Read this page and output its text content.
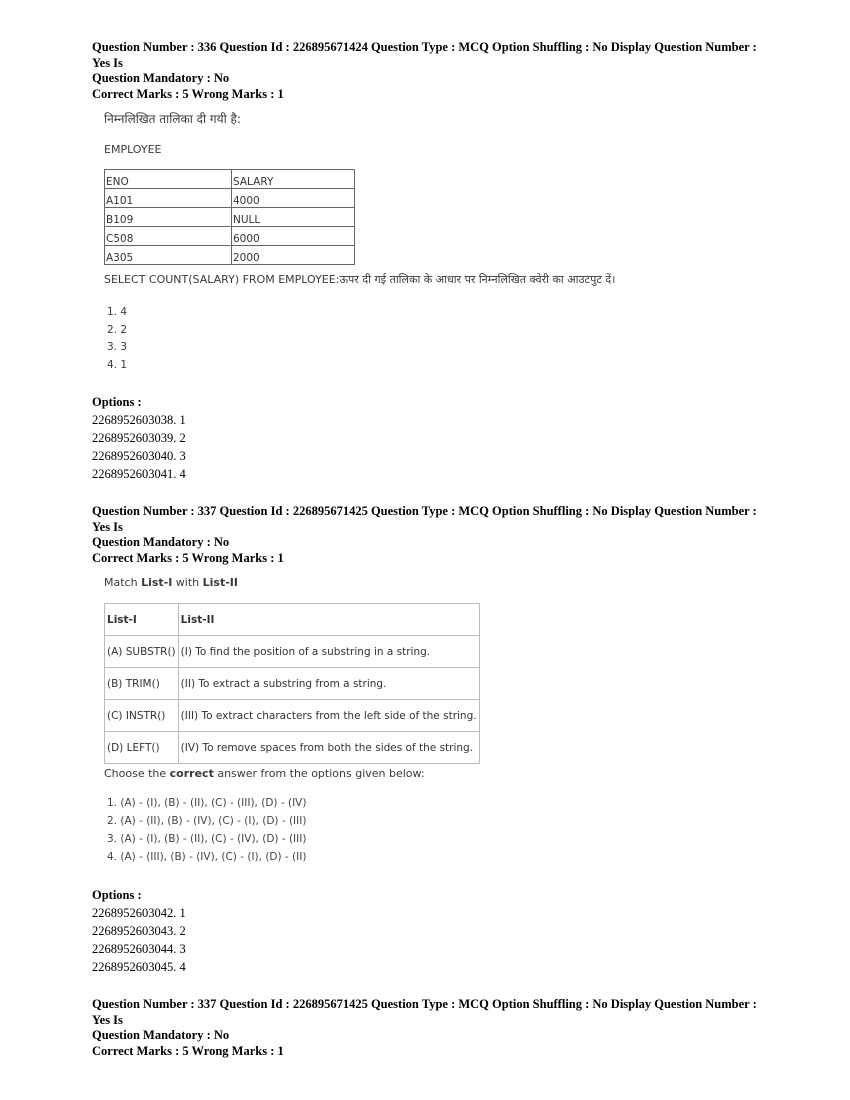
Question Number : 336 Question Id : 226895671424 Question Type : MCQ Option Shuffling : No Display Question Number : Yes Is
Question Mandatory : No
Correct Marks : 5 Wrong Marks : 1
निम्नलिखित तालिका दी गयी है:
EMPLOYEE
ENO	SALARY
A101	4000
B109	NULL
C508	6000
A305	2000
SELECT COUNT(SALARY) FROM EMPLOYEE:ऊपर दी गई तालिका के आधार पर निम्नलिखित क्वेरी का आउटपुट दें।
1. 4
2. 2
3. 3
4. 1
Options :
2268952603038. 1
2268952603039. 2
2268952603040. 3
2268952603041. 4
Question Number : 337 Question Id : 226895671425 Question Type : MCQ Option Shuffling : No Display Question Number : Yes Is
Question Mandatory : No
Correct Marks : 5 Wrong Marks : 1
Match List-I with List-II
List-I	List-II
(A) SUBSTR()	(I) To find the position of a substring in a string.
(B) TRIM()	(II) To extract a substring from a string.
(C) INSTR()	(III) To extract characters from the left side of the string.
(D) LEFT()	(IV) To remove spaces from both the sides of the string.
Choose the correct answer from the options given below:
1. (A) - (I), (B) - (II), (C) - (III), (D) - (IV)
2. (A) - (II), (B) - (IV), (C) - (I), (D) - (III)
3. (A) - (I), (B) - (II), (C) - (IV), (D) - (III)
4. (A) - (III), (B) - (IV), (C) - (I), (D) - (II)
Options :
2268952603042. 1
2268952603043. 2
2268952603044. 3
2268952603045. 4
Question Number : 337 Question Id : 226895671425 Question Type : MCQ Option Shuffling : No Display Question Number : Yes Is
Question Mandatory : No
Correct Marks : 5 Wrong Marks : 1
